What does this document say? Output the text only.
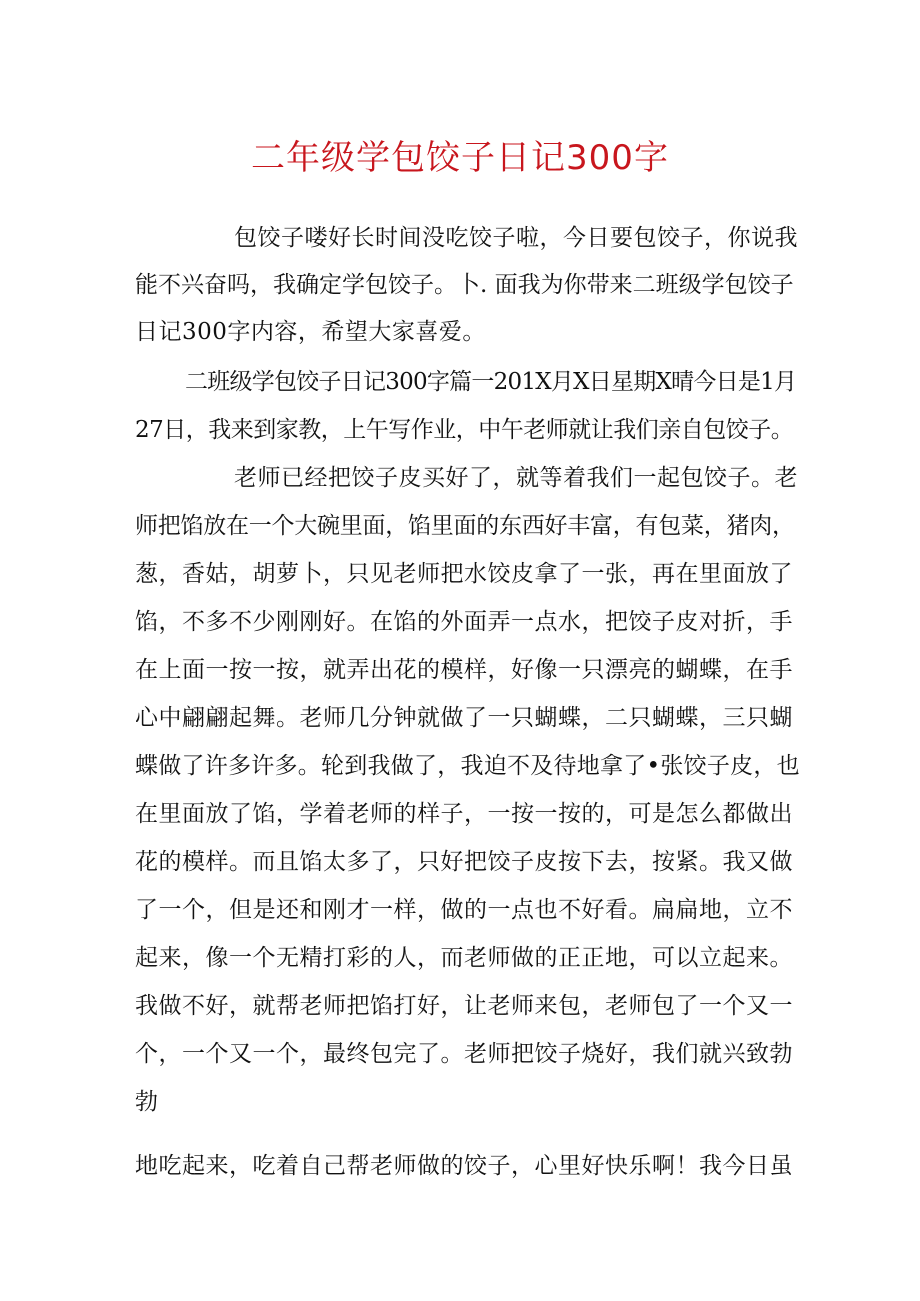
二年级学包饺子日记300字
包饺子喽好长时间没吃饺子啦，今日要包饺子，你说我
能不兴奋吗，我确定学包饺子。卜. 面我为你带来二班级学包饺子
日记300字内容，希望大家喜爱。
二班级学包饺子日记300字篇一201X月X日星期X晴今日是1月
27日，我来到家教，上午写作业，中午老师就让我们亲自包饺子。
老师已经把饺子皮买好了，就等着我们一起包饺子。老
师把馅放在一个大碗里面，馅里面的东西好丰富，有包菜，猪肉，
葱，香姑，胡萝卜，只见老师把水饺皮拿了一张，再在里面放了
馅，不多不少刚刚好。在馅的外面弄一点水，把饺子皮对折，手
在上面一按一按，就弄出花的模样，好像一只漂亮的蝴蝶，在手
心中翩翩起舞。老师几分钟就做了一只蝴蝶，二只蝴蝶，三只蝴
蝶做了许多许多。轮到我做了，我迫不及待地拿了•张饺子皮，也
在里面放了馅，学着老师的样子，一按一按的，可是怎么都做出
花的模样。而且馅太多了，只好把饺子皮按下去，按紧。我又做
了一个，但是还和刚才一样，做的一点也不好看。扁扁地，立不
起来，像一个无精打彩的人，而老师做的正正地，可以立起来。
我做不好，就帮老师把馅打好，让老师来包，老师包了一个又一
个，一个又一个，最终包完了。老师把饺子烧好，我们就兴致勃
勃
地吃起来，吃着自己帮老师做的饺子，心里好快乐啊！我今日虽
